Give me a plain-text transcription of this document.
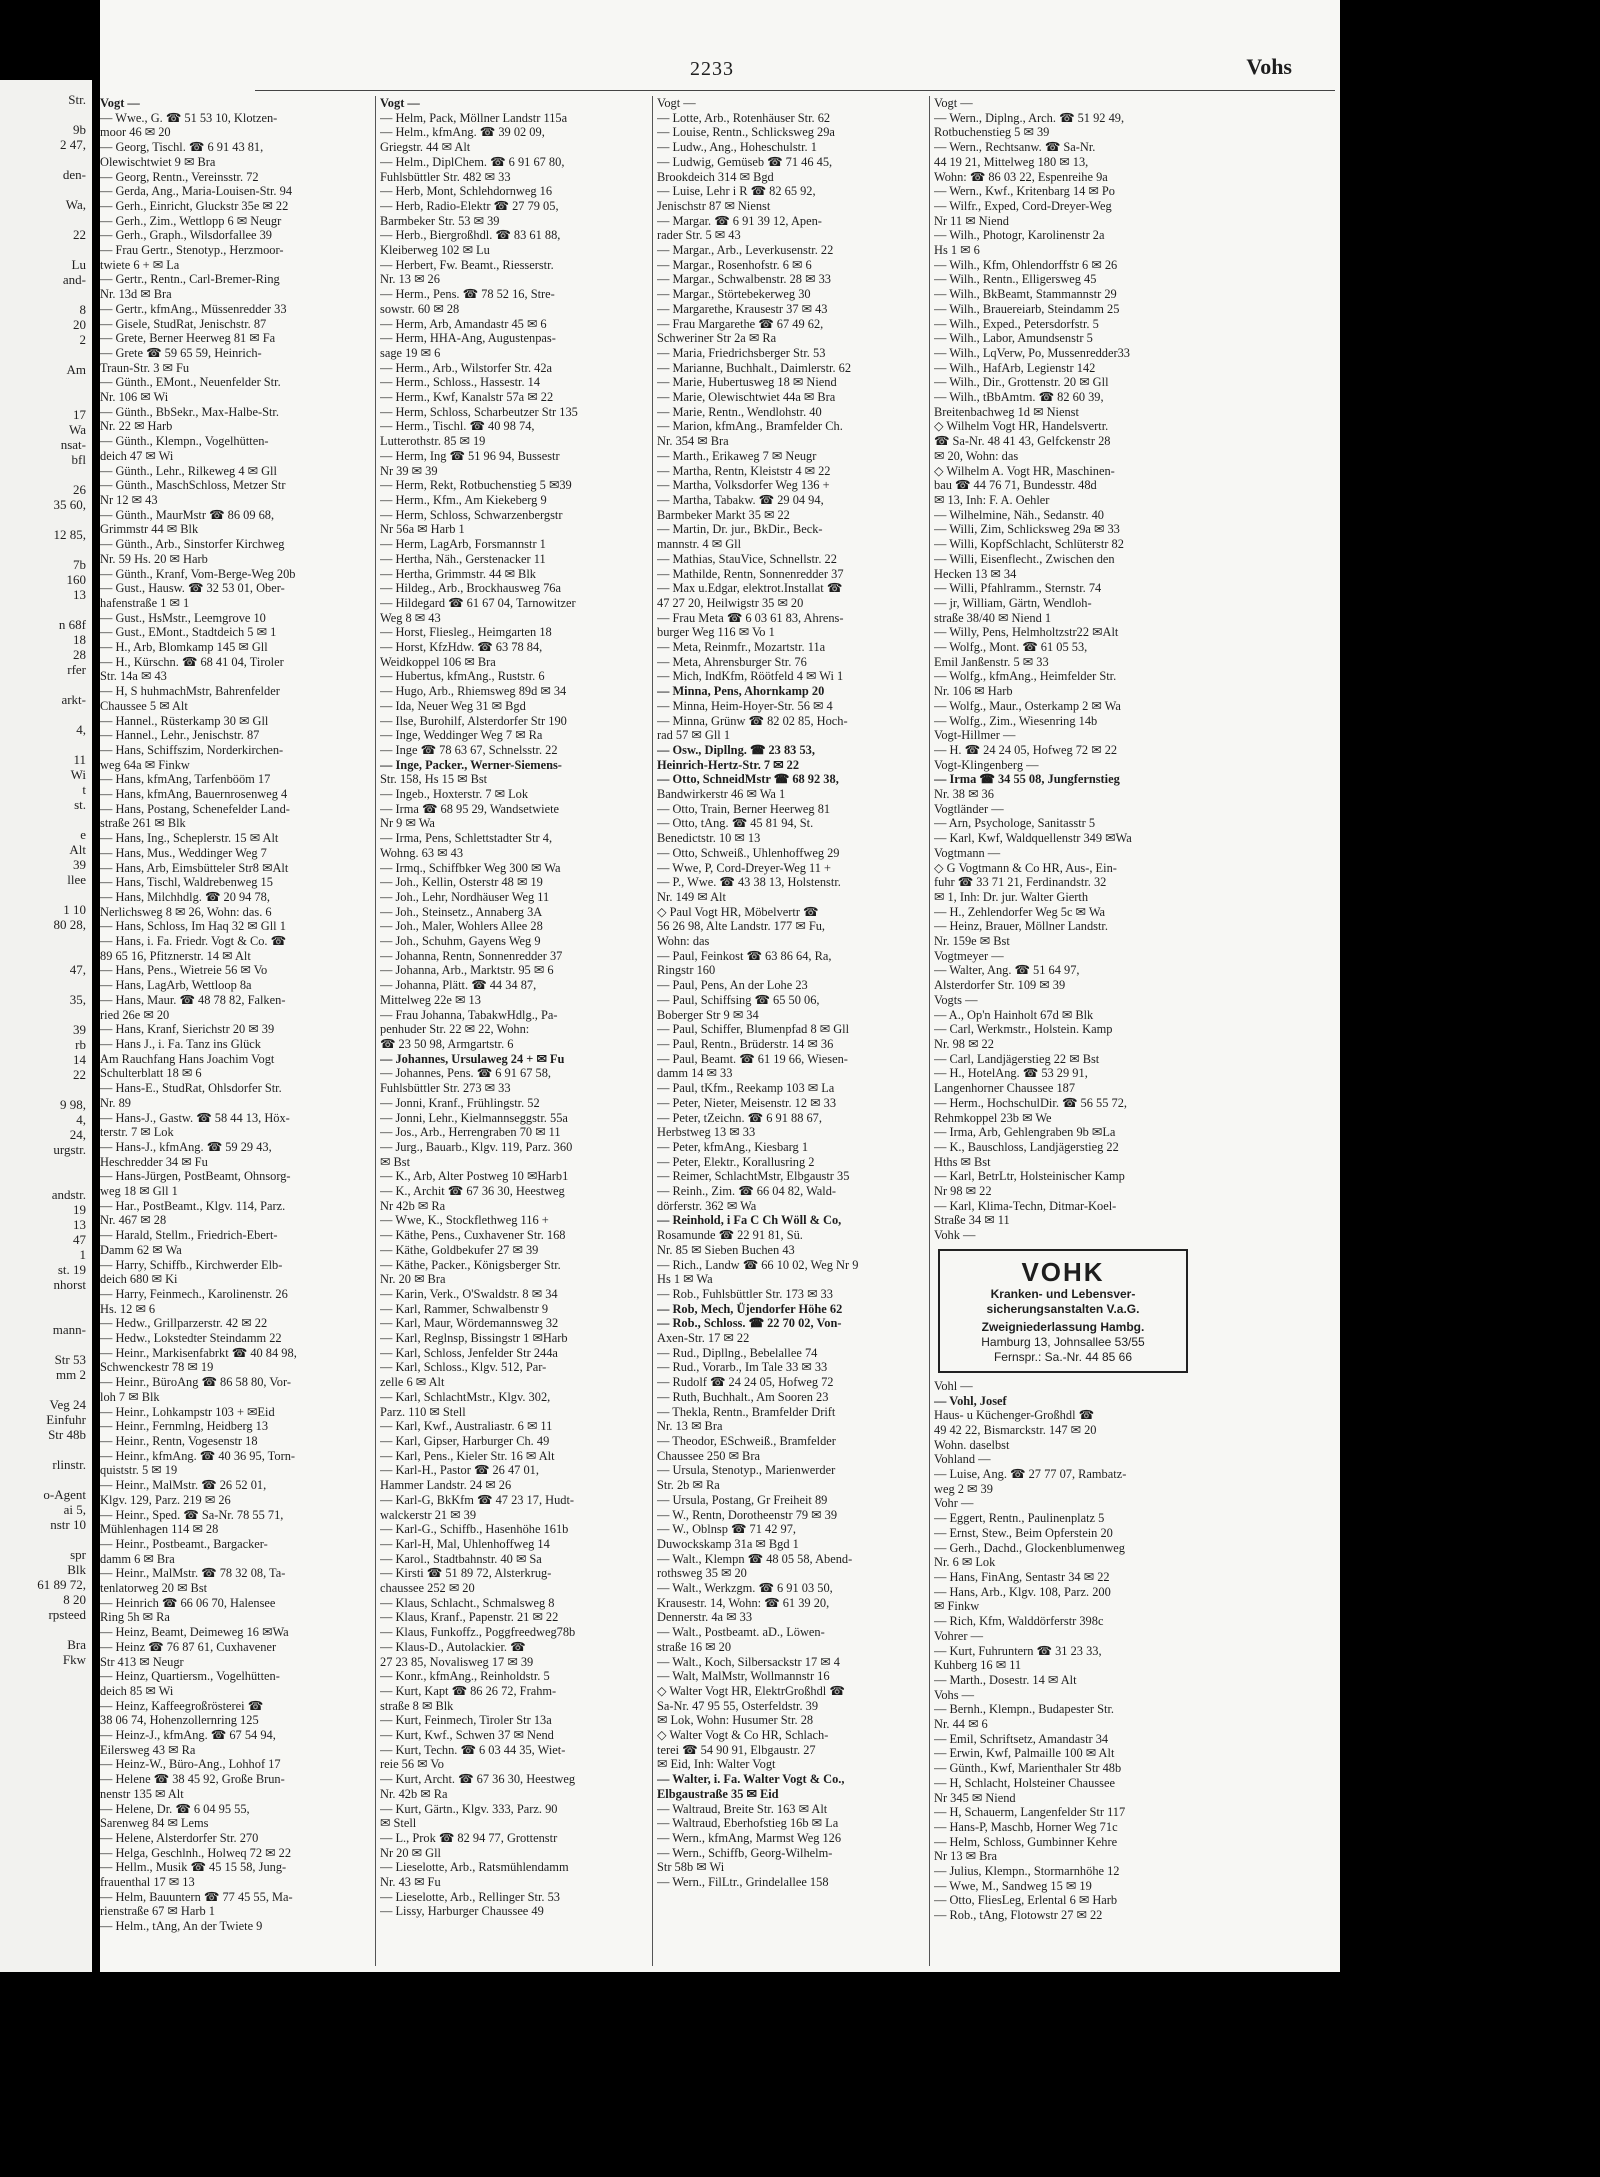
Str.

9b
2 47,

den-

Wa,

22

Lu
and-

8
20
2

Am

17
Wa
nsat-
bfl

26
35 60,

12 85,

7b
160
13

n 68f
18
28
rfer

arkt-

4,

11
Wi
t
st.

e
Alt
39
llee

1 10
80 28,

47,

35,

39
rb
14
22

9 98,
4,
24,
urgstr.

andstr.
19
13
47
1
st. 19
nhorst

mann-

Str 53
mm 2

Veg 24
Einfuhr
Str 48b

rlinstr.

o-Agent
ai 5,
nstr 10

spr
Blk
61 89 72,
8 20
rpsteed

Bra
Fkw
2233	Vohs
Vogt —
— Wwe., G. ☎ 51 53 10, Klotzen-
moor 46 ✉ 20
— Georg, Tischl. ☎ 6 91 43 81,
Olewischtwiet 9 ✉ Bra
— Georg, Rentn., Vereinsstr. 72
— Gerda, Ang., Maria-Louisen-Str. 94
— Gerh., Einricht, Gluckstr 35e ✉ 22
— Gerh., Zim., Wettlopp 6 ✉ Neugr
— Gerh., Graph., Wilsdorfallee 39
— Frau Gertr., Stenotyp., Herzmoor-
twiete 6 + ✉ La
— Gertr., Rentn., Carl-Bremer-Ring
Nr. 13d ✉ Bra
— Gertr., kfmAng., Müssenredder 33
— Gisele, StudRat, Jenischstr. 87
— Grete, Berner Heerweg 81 ✉ Fa
— Grete ☎ 59 65 59, Heinrich-
Traun-Str. 3 ✉ Fu
— Günth., EMont., Neuenfelder Str.
Nr. 106 ✉ Wi
— Günth., BbSekr., Max-Halbe-Str.
Nr. 22 ✉ Harb
— Günth., Klempn., Vogelhütten-
deich 47 ✉ Wi
— Günth., Lehr., Rilkeweg 4 ✉ Gll
— Günth., MaschSchloss, Metzer Str
Nr 12 ✉ 43
— Günth., MaurMstr ☎ 86 09 68,
Grimmstr 44 ✉ Blk
— Günth., Arb., Sinstorfer Kirchweg
Nr. 59 Hs. 20 ✉ Harb
— Günth., Kranf, Vom-Berge-Weg 20b
— Gust., Hausw. ☎ 32 53 01, Ober-
hafenstraße 1 ✉ 1
— Gust., HsMstr., Leemgrove 10
— Gust., EMont., Stadtdeich 5 ✉ 1
— H., Arb, Blomkamp 145 ✉ Gll
— H., Kürschn. ☎ 68 41 04, Tiroler
Str. 14a ✉ 43
— H, S huhmachMstr, Bahrenfelder
Chaussee 5 ✉ Alt
— Hannel., Rüsterkamp 30 ✉ Gll
— Hannel., Lehr., Jenischstr. 87
— Hans, Schiffszim, Norderkirchen-
weg 64a ✉ Finkw
— Hans, kfmAng, Tarfenbööm 17
— Hans, kfmAng, Bauernrosenweg 4
— Hans, Postang, Schenefelder Land-
straße 261 ✉ Blk
— Hans, Ing., Scheplerstr. 15 ✉ Alt
— Hans, Mus., Weddinger Weg 7
— Hans, Arb, Eimsbütteler Str8 ✉Alt
— Hans, Tischl, Waldrebenweg 15
— Hans, Milchhdlg. ☎ 20 94 78,
Nerlichsweg 8 ✉ 26, Wohn: das. 6
— Hans, Schloss, Im Haq 32 ✉ Gll 1
— Hans, i. Fa. Friedr. Vogt & Co. ☎
89 65 16, Pfitznerstr. 14 ✉ Alt
— Hans, Pens., Wietreie 56 ✉ Vo
— Hans, LagArb, Wettloop 8a
— Hans, Maur. ☎ 48 78 82, Falken-
ried 26e ✉ 20
— Hans, Kranf, Sierichstr 20 ✉ 39
— Hans J., i. Fa. Tanz ins Glück
Am Rauchfang Hans Joachim Vogt
Schulterblatt 18 ✉ 6
— Hans-E., StudRat, Ohlsdorfer Str.
Nr. 89
— Hans-J., Gastw. ☎ 58 44 13, Höx-
terstr. 7 ✉ Lok
— Hans-J., kfmAng. ☎ 59 29 43,
Heschredder 34 ✉ Fu
— Hans-Jürgen, PostBeamt, Ohnsorg-
weg 18 ✉ Gll 1
— Har., PostBeamt., Klgv. 114, Parz.
Nr. 467 ✉ 28
— Harald, Stellm., Friedrich-Ebert-
Damm 62 ✉ Wa
— Harry, Schiffb., Kirchwerder Elb-
deich 680 ✉ Ki
— Harry, Feinmech., Karolinenstr. 26
Hs. 12 ✉ 6
— Hedw., Grillparzerstr. 42 ✉ 22
— Hedw., Lokstedter Steindamm 22
— Heinr., Markisenfabrkt ☎ 40 84 98,
Schwenckestr 78 ✉ 19
— Heinr., BüroAng ☎ 86 58 80, Vor-
loh 7 ✉ Blk
— Heinr., Lohkampstr 103 + ✉Eid
— Heinr., Fernmlng, Heidberg 13
— Heinr., Rentn, Vogesenstr 18
— Heinr., kfmAng. ☎ 40 36 95, Torn-
quiststr. 5 ✉ 19
— Heinr., MalMstr. ☎ 26 52 01,
Klgv. 129, Parz. 219 ✉ 26
— Heinr., Sped. ☎ Sa-Nr. 78 55 71,
Mühlenhagen 114 ✉ 28
— Heinr., Postbeamt., Bargacker-
damm 6 ✉ Bra
— Heinr., MalMstr. ☎ 78 32 08, Ta-
tenlatorweg 20 ✉ Bst
— Heinrich ☎ 66 06 70, Halensee
Ring 5h ✉ Ra
— Heinz, Beamt, Deimeweg 16 ✉Wa
— Heinz ☎ 76 87 61, Cuxhavener
Str 413 ✉ Neugr
— Heinz, Quartiersm., Vogelhütten-
deich 85 ✉ Wi
— Heinz, Kaffeegroßrösterei ☎
38 06 74, Hohenzollernring 125
— Heinz-J., kfmAng. ☎ 67 54 94,
Eilersweg 43 ✉ Ra
— Heinz-W., Büro-Ang., Lohhof 17
— Helene ☎ 38 45 92, Große Brun-
nenstr 135 ✉ Alt
— Helene, Dr. ☎ 6 04 95 55,
Sarenweg 84 ✉ Lems
— Helene, Alsterdorfer Str. 270
— Helga, Geschlnh., Holweq 72 ✉ 22
— Hellm., Musik ☎ 45 15 58, Jung-
frauenthal 17 ✉ 13
— Helm, Bauuntern ☎ 77 45 55, Ma-
rienstraße 67 ✉ Harb 1
— Helm., tAng, An der Twiete 9
Vogt —
— Helm, Pack, Möllner Landstr 115a
— Helm., kfmAng. ☎ 39 02 09,
Griegstr. 44 ✉ Alt
— Helm., DiplChem. ☎ 6 91 67 80,
Fuhlsbüttler Str. 482 ✉ 33
— Herb, Mont, Schlehdornweg 16
— Herb, Radio-Elektr ☎ 27 79 05,
Barmbeker Str. 53 ✉ 39
— Herb., Biergroßhdl. ☎ 83 61 88,
Kleiberweg 102 ✉ Lu
— Herbert, Fw. Beamt., Riesserstr.
Nr. 13 ✉ 26
— Herm., Pens. ☎ 78 52 16, Stre-
sowstr. 60 ✉ 28
— Herm, Arb, Amandastr 45 ✉ 6
— Herm, HHA-Ang, Augustenpas-
sage 19 ✉ 6
— Herm., Arb., Wilstorfer Str. 42a
— Herm., Schloss., Hassestr. 14
— Herm., Kwf, Kanalstr 57a ✉ 22
— Herm, Schloss, Scharbeutzer Str 135
— Herm., Tischl. ☎ 40 98 74,
Lutterothstr. 85 ✉ 19
— Herm, Ing ☎ 51 96 94, Bussestr
Nr 39 ✉ 39
— Herm, Rekt, Rotbuchenstieg 5 ✉39
— Herm., Kfm., Am Kiekeberg 9
— Herm, Schloss, Schwarzenbergstr
Nr 56a ✉ Harb 1
— Herm, LagArb, Forsmannstr 1
— Hertha, Näh., Gerstenacker 11
— Hertha, Grimmstr. 44 ✉ Blk
— Hildeg., Arb., Brockhausweg 76a
— Hildegard ☎ 61 67 04, Tarnowitzer
Weg 8 ✉ 43
— Horst, Fliesleg., Heimgarten 18
— Horst, KfzHdw. ☎ 63 78 84,
Weidkoppel 106 ✉ Bra
— Hubertus, kfmAng., Ruststr. 6
— Hugo, Arb., Rhiemsweg 89d ✉ 34
— Ida, Neuer Weg 31 ✉ Bgd
— Ilse, Burohilf, Alsterdorfer Str 190
— Inge, Weddinger Weg 7 ✉ Ra
— Inge ☎ 78 63 67, Schnelsstr. 22
— Inge, Packer., Werner-Siemens-
Str. 158, Hs 15 ✉ Bst
— Ingeb., Hoxterstr. 7 ✉ Lok
— Irma ☎ 68 95 29, Wandsetwiete
Nr 9 ✉ Wa
— Irma, Pens, Schlettstadter Str 4,
Wohng. 63 ✉ 43
— Irmq., Schiffbker Weg 300 ✉ Wa
— Joh., Kellin, Osterstr 48 ✉ 19
— Joh., Lehr, Nordhäuser Weg 11
— Joh., Steinsetz., Annaberg 3A
— Joh., Maler, Wohlers Allee 28
— Joh., Schuhm, Gayens Weg 9
— Johanna, Rentn, Sonnenredder 37
— Johanna, Arb., Marktstr. 95 ✉ 6
— Johanna, Plätt. ☎ 44 34 87,
Mittelweg 22e ✉ 13
— Frau Johanna, TabakwHdlg., Pa-
penhuder Str. 22 ✉ 22, Wohn:
☎ 23 50 98, Armgartstr. 6
— Johannes, Ursulaweg 24 + ✉ Fu
— Johannes, Pens. ☎ 6 91 67 58,
Fuhlsbüttler Str. 273 ✉ 33
— Jonni, Kranf., Frühlingstr. 52
— Jonni, Lehr., Kielmannseggstr. 55a
— Jos., Arb., Herrengraben 70 ✉ 11
— Jurg., Bauarb., Klgv. 119, Parz. 360
✉ Bst
— K., Arb, Alter Postweg 10 ✉Harb1
— K., Archit ☎ 67 36 30, Heestweg
Nr 42b ✉ Ra
— Wwe, K., Stockflethweg 116 +
— Käthe, Pens., Cuxhavener Str. 168
— Käthe, Goldbekufer 27 ✉ 39
— Käthe, Packer., Königsberger Str.
Nr. 20 ✉ Bra
— Karin, Verk., O'Swaldstr. 8 ✉ 34
— Karl, Rammer, Schwalbenstr 9
— Karl, Maur, Wördemannsweg 32
— Karl, Reglnsp, Bissingstr 1 ✉Harb
— Karl, Schloss, Jenfelder Str 244a
— Karl, Schloss., Klgv. 512, Par-
zelle 6 ✉ Alt
— Karl, SchlachtMstr., Klgv. 302,
Parz. 110 ✉ Stell
— Karl, Kwf., Australiastr. 6 ✉ 11
— Karl, Gipser, Harburger Ch. 49
— Karl, Pens., Kieler Str. 16 ✉ Alt
— Karl-H., Pastor ☎ 26 47 01,
Hammer Landstr. 24 ✉ 26
— Karl-G, BkKfm ☎ 47 23 17, Hudt-
walckerstr 21 ✉ 39
— Karl-G., Schiffb., Hasenhöhe 161b
— Karl-H, Mal, Uhlenhoffweg 14
— Karol., Stadtbahnstr. 40 ✉ Sa
— Kirsti ☎ 51 89 72, Alsterkrug-
chaussee 252 ✉ 20
— Klaus, Schlacht., Schmalsweg 8
— Klaus, Kranf., Papenstr. 21 ✉ 22
— Klaus, Funkoffz., Poggfreedweg78b
— Klaus-D., Autolackier. ☎
27 23 85, Novalisweg 17 ✉ 39
— Konr., kfmAng., Reinholdstr. 5
— Kurt, Kapt ☎ 86 26 72, Frahm-
straße 8 ✉ Blk
— Kurt, Feinmech, Tiroler Str 13a
— Kurt, Kwf., Schwen 37 ✉ Nend
— Kurt, Techn. ☎ 6 03 44 35, Wiet-
reie 56 ✉ Vo
— Kurt, Archt. ☎ 67 36 30, Heestweg
Nr. 42b ✉ Ra
— Kurt, Gärtn., Klgv. 333, Parz. 90
✉ Stell
— L., Prok ☎ 82 94 77, Grottenstr
Nr 20 ✉ Gll
— Lieselotte, Arb., Ratsmühlendamm
Nr. 43 ✉ Fu
— Lieselotte, Arb., Rellinger Str. 53
— Lissy, Harburger Chaussee 49
Vogt —
— Lotte, Arb., Rotenhäuser Str. 62
— Louise, Rentn., Schlicksweg 29a
— Ludw., Ang., Hoheschulstr. 1
— Ludwig, Gemüseb ☎ 71 46 45,
Brookdeich 314 ✉ Bgd
— Luise, Lehr i R ☎ 82 65 92,
Jenischstr 87 ✉ Nienst
— Margar. ☎ 6 91 39 12, Apen-
rader Str. 5 ✉ 43
— Margar., Arb., Leverkusenstr. 22
— Margar., Rosenhofstr. 6 ✉ 6
— Margar., Schwalbenstr. 28 ✉ 33
— Margar., Störtebekerweg 30
— Margarethe, Krausestr 37 ✉ 43
— Frau Margarethe ☎ 67 49 62,
Schweriner Str 2a ✉ Ra
— Maria, Friedrichsberger Str. 53
— Marianne, Buchhalt., Daimlerstr. 62
— Marie, Hubertusweg 18 ✉ Niend
— Marie, Olewischtwiet 44a ✉ Bra
— Marie, Rentn., Wendlohstr. 40
— Marion, kfmAng., Bramfelder Ch.
Nr. 354 ✉ Bra
— Marth., Erikaweg 7 ✉ Neugr
— Martha, Rentn, Kleiststr 4 ✉ 22
— Martha, Volksdorfer Weg 136 +
— Martha, Tabakw. ☎ 29 04 94,
Barmbeker Markt 35 ✉ 22
— Martin, Dr. jur., BkDir., Beck-
mannstr. 4 ✉ Gll
— Mathias, StauVice, Schnellstr. 22
— Mathilde, Rentn, Sonnenredder 37
— Max u.Edgar, elektrot.Installat ☎
47 27 20, Heilwigstr 35 ✉ 20
— Frau Meta ☎ 6 03 61 83, Ahrens-
burger Weg 116 ✉ Vo 1
— Meta, Reinmfr., Mozartstr. 11a
— Meta, Ahrensburger Str. 76
— Mich, IndKfm, Röötfeld 4 ✉ Wi 1
— Minna, Pens, Ahornkamp 20
— Minna, Heim-Hoyer-Str. 56 ✉ 4
— Minna, Grünw ☎ 82 02 85, Hoch-
rad 57 ✉ Gll 1
— Osw., Dipllng. ☎ 23 83 53,
Heinrich-Hertz-Str. 7 ✉ 22
— Otto, SchneidMstr ☎ 68 92 38,
Bandwirkerstr 46 ✉ Wa 1
— Otto, Train, Berner Heerweg 81
— Otto, tAng. ☎ 45 81 94, St.
Benedictstr. 10 ✉ 13
— Otto, Schweiß., Uhlenhoffweg 29
— Wwe, P, Cord-Dreyer-Weg 11 +
— P., Wwe. ☎ 43 38 13, Holstenstr.
Nr. 149 ✉ Alt
◇ Paul Vogt HR, Möbelvertr ☎
56 26 98, Alte Landstr. 177 ✉ Fu,
Wohn: das
— Paul, Feinkost ☎ 63 86 64, Ra,
Ringstr 160
— Paul, Pens, An der Lohe 23
— Paul, Schiffsing ☎ 65 50 06,
Boberger Str 9 ✉ 34
— Paul, Schiffer, Blumenpfad 8 ✉ Gll
— Paul, Rentn., Brüderstr. 14 ✉ 36
— Paul, Beamt. ☎ 61 19 66, Wiesen-
damm 14 ✉ 33
— Paul, tKfm., Reekamp 103 ✉ La
— Peter, Nieter, Meisenstr. 12 ✉ 33
— Peter, tZeichn. ☎ 6 91 88 67,
Herbstweg 13 ✉ 33
— Peter, kfmAng., Kiesbarg 1
— Peter, Elektr., Korallusring 2
— Reimer, SchlachtMstr, Elbgaustr 35
— Reinh., Zim. ☎ 66 04 82, Wald-
dörferstr. 362 ✉ Wa
— Reinhold, i Fa C Ch Wöll & Co,
Rosamunde ☎ 22 91 81, Sü.
Nr. 85 ✉ Sieben Buchen 43
— Rich., Landw ☎ 66 10 02, Weg Nr 9
Hs 1 ✉ Wa
— Rob., Fuhlsbüttler Str. 173 ✉ 33
— Rob, Mech, Üjendorfer Höhe 62
— Rob., Schloss. ☎ 22 70 02, Von-
Axen-Str. 17 ✉ 22
— Rud., Dipllng., Bebelallee 74
— Rud., Vorarb., Im Tale 33 ✉ 33
— Rudolf ☎ 24 24 05, Hofweg 72
— Ruth, Buchhalt., Am Sooren 23
— Thekla, Rentn., Bramfelder Drift
Nr. 13 ✉ Bra
— Theodor, ESchweiß., Bramfelder
Chaussee 250 ✉ Bra
— Ursula, Stenotyp., Marienwerder
Str. 2b ✉ Ra
— Ursula, Postang, Gr Freiheit 89
— W., Rentn, Dorotheenstr 79 ✉ 39
— W., Oblnsp ☎ 71 42 97,
Duwockskamp 31a ✉ Bgd 1
— Walt., Klempn ☎ 48 05 58, Abend-
rothsweg 35 ✉ 20
— Walt., Werkzgm. ☎ 6 91 03 50,
Krausestr. 14, Wohn: ☎ 61 39 20,
Dennerstr. 4a ✉ 33
— Walt., Postbeamt. aD., Löwen-
straße 16 ✉ 20
— Walt., Koch, Silbersackstr 17 ✉ 4
— Walt, MalMstr, Wollmannstr 16
◇ Walter Vogt HR, ElektrGroßhdl ☎
Sa-Nr. 47 95 55, Osterfeldstr. 39
✉ Lok, Wohn: Husumer Str. 28
◇ Walter Vogt & Co HR, Schlach-
terei ☎ 54 90 91, Elbgaustr. 27
✉ Eid, Inh: Walter Vogt
— Walter, i. Fa. Walter Vogt & Co.,
Elbgaustraße 35 ✉ Eid
— Waltraud, Breite Str. 163 ✉ Alt
— Waltraud, Eberhofstieg 16b ✉ La
— Wern., kfmAng, Marmst Weg 126
— Wern., Schiffb, Georg-Wilhelm-
Str 58b ✉ Wi
— Wern., FilLtr., Grindelallee 158
Vogt —
— Wern., Diplng., Arch. ☎ 51 92 49,
Rotbuchenstieg 5 ✉ 39
— Wern., Rechtsanw. ☎ Sa-Nr.
44 19 21, Mittelweg 180 ✉ 13,
Wohn: ☎ 86 03 22, Espenreihe 9a
— Wern., Kwf., Kritenbarg 14 ✉ Po
— Wilfr., Exped, Cord-Dreyer-Weg
Nr 11 ✉ Niend
— Wilh., Photogr, Karolinenstr 2a
Hs 1 ✉ 6
— Wilh., Kfm, Ohlendorffstr 6 ✉ 26
— Wilh., Rentn., Elligersweg 45
— Wilh., BkBeamt, Stammannstr 29
— Wilh., Brauereiarb, Steindamm 25
— Wilh., Exped., Petersdorfstr. 5
— Wilh., Labor, Amundsenstr 5
— Wilh., LqVerw, Po, Mussenredder33
— Wilh., HafArb, Legienstr 142
— Wilh., Dir., Grottenstr. 20 ✉ Gll
— Wilh., tBbAmtm. ☎ 82 60 39,
Breitenbachweg 1d ✉ Nienst
◇ Wilhelm Vogt HR, Handelsvertr.
☎ Sa-Nr. 48 41 43, Gelfckenstr 28
✉ 20, Wohn: das
◇ Wilhelm A. Vogt HR, Maschinen-
bau ☎ 44 76 71, Bundesstr. 48d
✉ 13, Inh: F. A. Oehler
— Wilhelmine, Näh., Sedanstr. 40
— Willi, Zim, Schlicksweg 29a ✉ 33
— Willi, KopfSchlacht, Schlüterstr 82
— Willi, Eisenflecht., Zwischen den
Hecken 13 ✉ 34
— Willi, Pfahlramm., Sternstr. 74
— jr, William, Gärtn, Wendloh-
straße 38/40 ✉ Niend 1
— Willy, Pens, Helmholtzstr22 ✉Alt
— Wolfg., Mont. ☎ 61 05 53,
Emil Janßenstr. 5 ✉ 33
— Wolfg., kfmAng., Heimfelder Str.
Nr. 106 ✉ Harb
— Wolfg., Maur., Osterkamp 2 ✉ Wa
— Wolfg., Zim., Wiesenring 14b
Vogt-Hillmer —
— H. ☎ 24 24 05, Hofweg 72 ✉ 22
Vogt-Klingenberg —
— Irma ☎ 34 55 08, Jungfernstieg
Nr. 38 ✉ 36
Vogtländer —
— Arn, Psychologe, Sanitasstr 5
— Karl, Kwf, Waldquellenstr 349 ✉Wa
Vogtmann —
◇ G Vogtmann & Co HR, Aus-, Ein-
fuhr ☎ 33 71 21, Ferdinandstr. 32
✉ 1, Inh: Dr. jur. Walter Gierth
— H., Zehlendorfer Weg 5c ✉ Wa
— Heinz, Brauer, Möllner Landstr.
Nr. 159e ✉ Bst
Vogtmeyer —
— Walter, Ang. ☎ 51 64 97,
Alsterdorfer Str. 109 ✉ 39
Vogts —
— A., Op'n Hainholt 67d ✉ Blk
— Carl, Werkmstr., Holstein. Kamp
Nr. 98 ✉ 22
— Carl, Landjägerstieg 22 ✉ Bst
— H., HotelAng. ☎ 53 29 91,
Langenhorner Chaussee 187
— Herm., HochschulDir. ☎ 56 55 72,
Rehmkoppel 23b ✉ We
— Irma, Arb, Gehlengraben 9b ✉La
— K., Bauschloss, Landjägerstieg 22
Hths ✉ Bst
— Karl, BetrLtr, Holsteinischer Kamp
Nr 98 ✉ 22
— Karl, Klima-Techn, Ditmar-Koel-
Straße 34 ✉ 11
Vohk —
VOHK
Kranken- und Lebensver-
sicherungsanstalten V.a.G.
Zweigniederlassung Hambg.
Hamburg 13, Johnsallee 53/55
Fernspr.: Sa.-Nr. 44 85 66
Vohl —
— Vohl, Josef
Haus- u Küchenger-Großhdl ☎
49 42 22, Bismarckstr. 147 ✉ 20
Wohn. daselbst
Vohland —
— Luise, Ang. ☎ 27 77 07, Rambatz-
weg 2 ✉ 39
Vohr —
— Eggert, Rentn., Paulinenplatz 5
— Ernst, Stew., Beim Opferstein 20
— Gerh., Dachd., Glockenblumenweg
Nr. 6 ✉ Lok
— Hans, FinAng, Sentastr 34 ✉ 22
— Hans, Arb., Klgv. 108, Parz. 200
✉ Finkw
— Rich, Kfm, Walddörferstr 398c
Vohrer —
— Kurt, Fuhruntern ☎ 31 23 33,
Kuhberg 16 ✉ 11
— Marth., Dosestr. 14 ✉ Alt
Vohs —
— Bernh., Klempn., Budapester Str.
Nr. 44 ✉ 6
— Emil, Schriftsetz, Amandastr 34
— Erwin, Kwf, Palmaille 100 ✉ Alt
— Günth., Kwf, Marienthaler Str 48b
— H, Schlacht, Holsteiner Chaussee
Nr 345 ✉ Niend
— H, Schauerm, Langenfelder Str 117
— Hans-P, Maschb, Horner Weg 71c
— Helm, Schloss, Gumbinner Kehre
Nr 13 ✉ Bra
— Julius, Klempn., Stormarnhöhe 12
— Wwe, M., Sandweg 15 ✉ 19
— Otto, FliesLeg, Erlental 6 ✉ Harb
— Rob., tAng, Flotowstr 27 ✉ 22
